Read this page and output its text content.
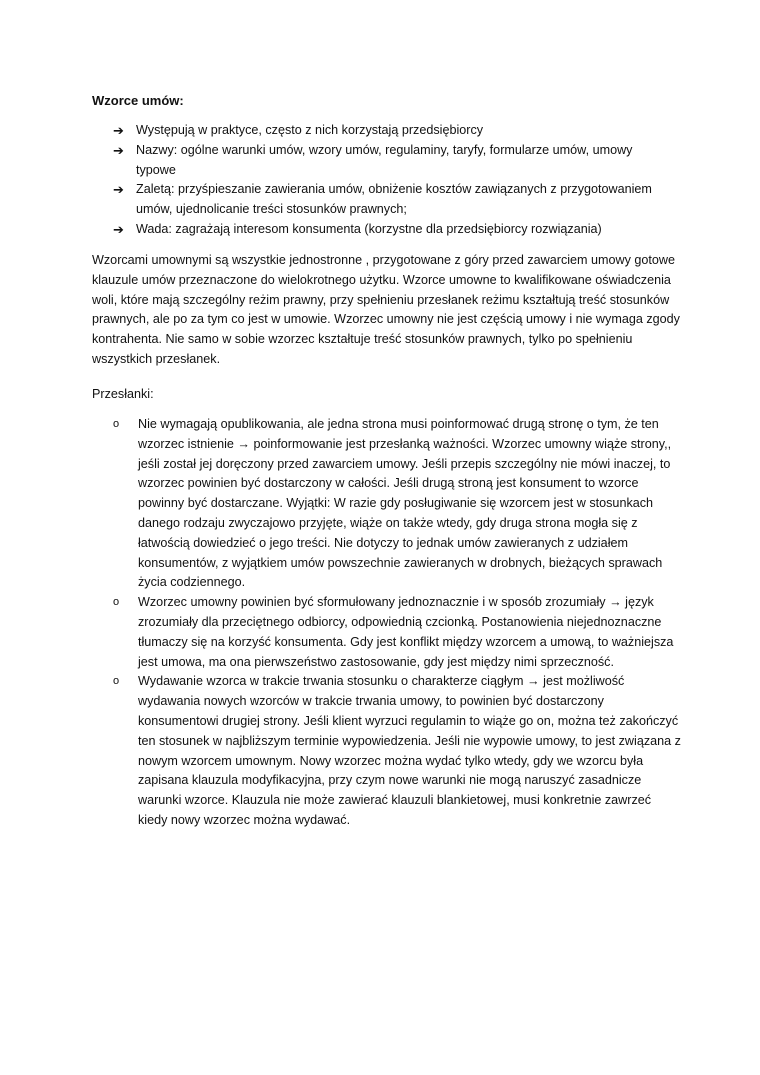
Wzorce umów:

➔ Występują w praktyce, często z nich korzystają przedsiębiorcy
➔ Nazwy: ogólne warunki umów, wzory umów, regulaminy, taryfy, formularze umów, umowy typowe
➔ Zaletą: przyśpieszanie zawierania umów, obniżenie kosztów zawiązanych z przygotowaniem umów, ujednolicanie treści stosunków prawnych;
➔ Wada: zagrażają interesom konsumenta (korzystne dla przedsiębiorcy rozwiązania)

Wzorcami umownymi są wszystkie jednostronne , przygotowane z góry przed zawarciem umowy gotowe klauzule umów przeznaczone do wielokrotnego użytku. Wzorce umowne to kwalifikowane oświadczenia woli, które mają szczególny reżim prawny, przy spełnieniu przesłanek reżimu kształtują treść stosunków prawnych, ale po za tym co jest w umowie. Wzorzec umowny nie jest częścią umowy i nie wymaga zgody kontrahenta. Nie samo w sobie wzorzec kształtuje treść stosunków prawnych, tylko po spełnieniu wszystkich przesłanek.

Przesłanki:

o Nie wymagają opublikowania, ale jedna strona musi poinformować drugą stronę o tym, że ten wzorzec istnienie → poinformowanie jest przesłanką ważności. Wzorzec umowny wiąże strony,, jeśli został jej doręczony przed zawarciem umowy. Jeśli przepis szczególny nie mówi inaczej, to wzorzec powinien być dostarczony w całości. Jeśli drugą stroną jest konsument to wzorce powinny być dostarczane. Wyjątki: W razie gdy posługiwanie się wzorcem jest w stosunkach danego rodzaju zwyczajowo przyjęte, wiąże on także wtedy, gdy druga strona mogła się z łatwością dowiedzieć o jego treści. Nie dotyczy to jednak umów zawieranych z udziałem konsumentów, z wyjątkiem umów powszechnie zawieranych w drobnych, bieżących sprawach życia codziennego.
o Wzorzec umowny powinien być sformułowany jednoznacznie i w sposób zrozumiały → język zrozumiały dla przeciętnego odbiorcy, odpowiednią czcionką. Postanowienia niejednoznaczne tłumaczy się na korzyść konsumenta. Gdy jest konflikt między wzorcem a umową, to ważniejsza jest umowa, ma ona pierwszeństwo zastosowanie, gdy jest między nimi sprzeczność.
o Wydawanie wzorca w trakcie trwania stosunku o charakterze ciągłym → jest możliwość wydawania nowych wzorców w trakcie trwania umowy, to powinien być dostarczony konsumentowi drugiej strony. Jeśli klient wyrzuci regulamin to wiąże go on, można też zakończyć ten stosunek w najbliższym terminie wypowiedzenia. Jeśli nie wypowie umowy, to jest związana z nowym wzorcem umownym. Nowy wzorzec można wydać tylko wtedy, gdy we wzorcu była zapisana klauzula modyfikacyjna, przy czym nowe warunki nie mogą naruszyć zasadnicze warunki wzorce. Klauzula nie może zawierać klauzuli blankietowej, musi konkretnie zawrzeć kiedy nowy wzorzec można wydawać.
